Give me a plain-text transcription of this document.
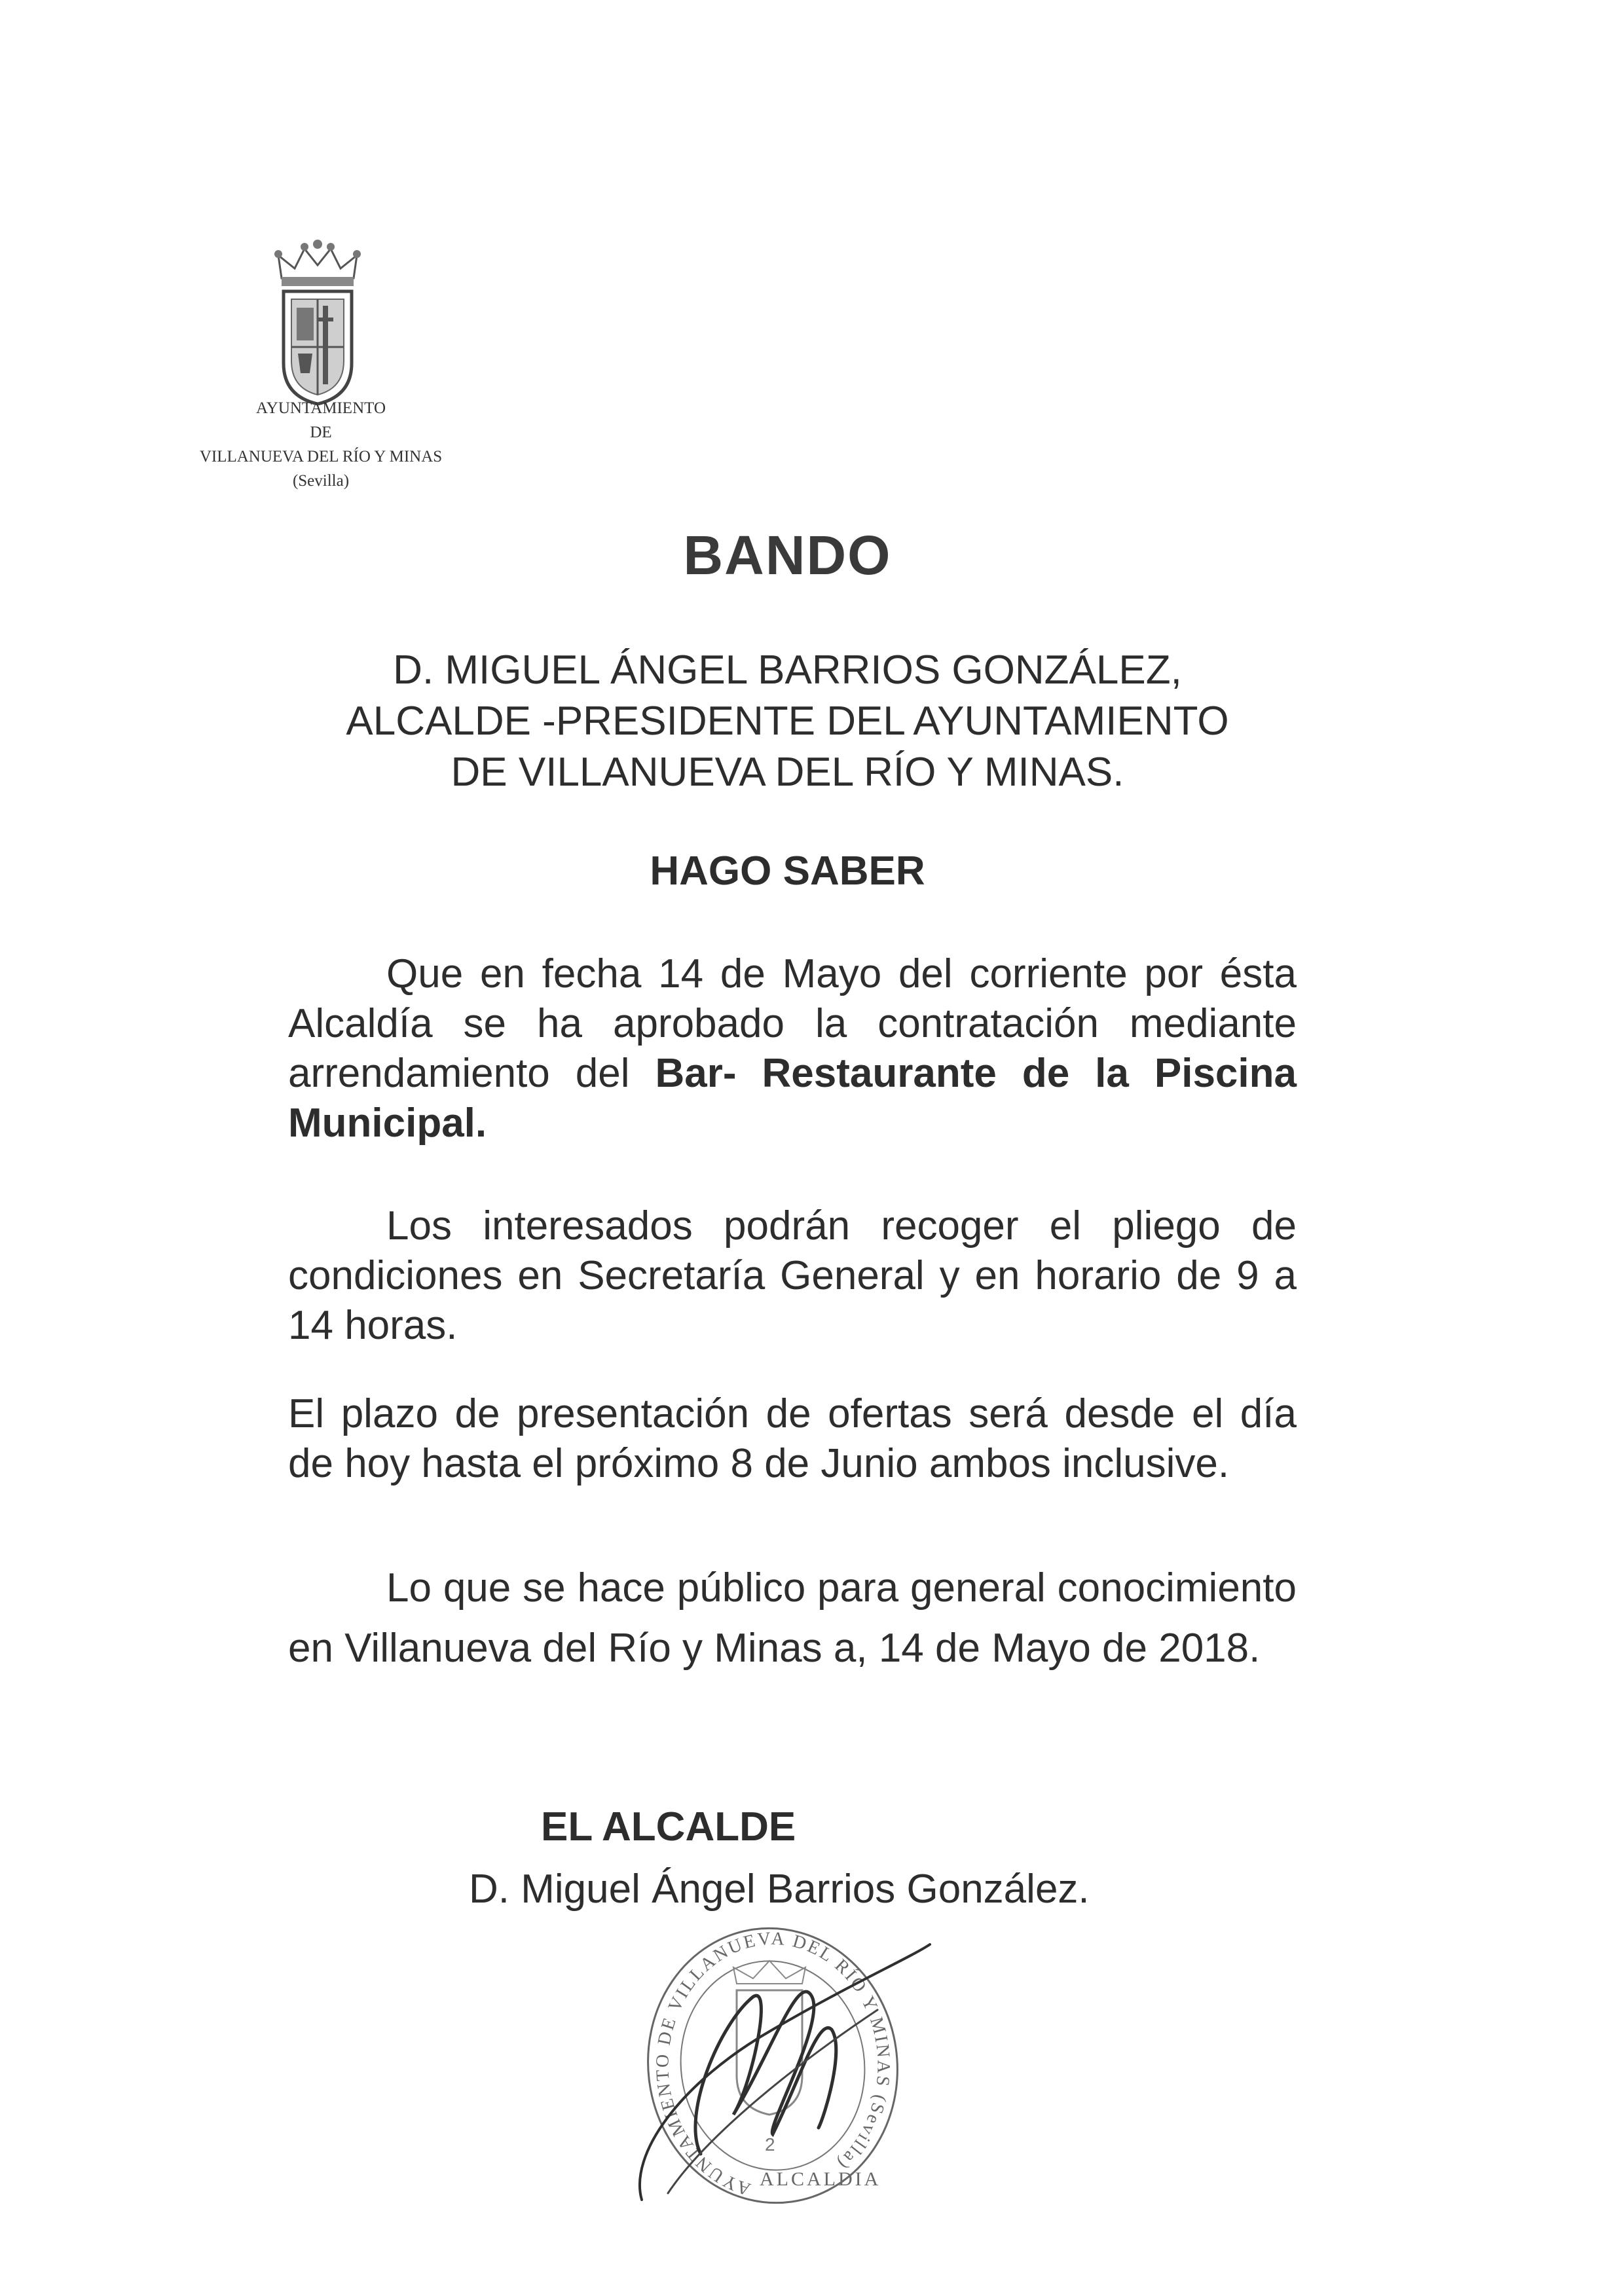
AYUNTAMIENTO
DE
VILLANUEVA DEL RÍO Y MINAS
(Sevilla)
BANDO
D. MIGUEL ÁNGEL BARRIOS GONZÁLEZ,
ALCALDE -PRESIDENTE DEL AYUNTAMIENTO
DE VILLANUEVA DEL RÍO Y MINAS.
HAGO SABER
Que en fecha 14 de Mayo del corriente por ésta Alcaldía se ha aprobado la contratación mediante arrendamiento del Bar- Restaurante de la Piscina Municipal.
Los interesados podrán recoger el pliego de condiciones en Secretaría General y en horario de 9 a 14 horas.
El plazo de presentación de ofertas será desde el día de hoy hasta el próximo 8 de Junio ambos inclusive.
Lo que se hace público para general conocimiento en Villanueva del Río y Minas a, 14 de Mayo de 2018.
EL ALCALDE
D. Miguel Ángel Barrios González.
AYUNTAMIENTO DE VILLANUEVA DEL RÍO Y MINAS (Sevilla)
ALCALDIA
2
